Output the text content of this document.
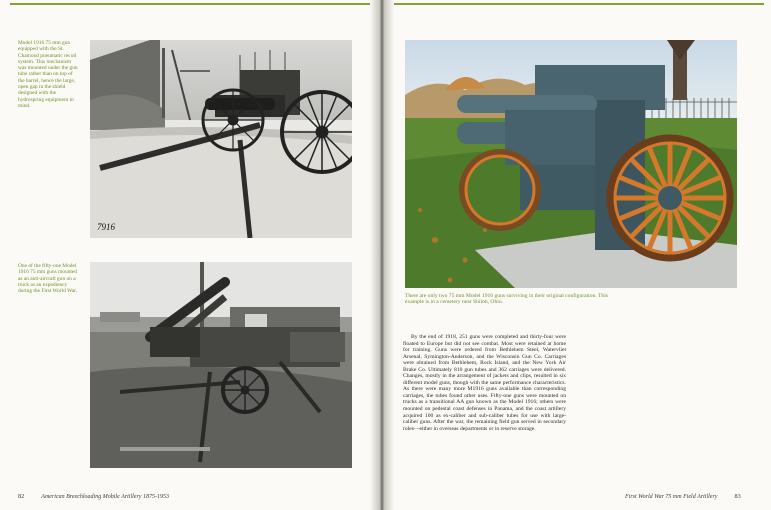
Model 1916 75 mm gun equipped with the St. Chamond pneumatic recoil system. This mechanism was mounted under the gun tube rather than on top of the barrel, hence the large, open gap in the shield designed with the hydrospring equipment in mind.
7916
One of the fifty-one Model 1916 75 mm guns mounted as an anti-aircraft gun on a truck as an expediency during the First World War.
82	American Breechloading Mobile Artillery 1875-1953
There are only two 75 mm Model 1916 guns surviving in their original configuration. This example is in a cemetery near Shiloh, Ohio.
First World War 75 mm Field Artillery	83
By the end of 1918, 251 guns were completed and thirty-four were floated to Europe but did not see combat. Most were retained at home for training. Guns were ordered from Bethlehem Steel, Watervliet Arsenal, Symington-Anderson, and the Wisconsin Gun Co. Carriages were obtained from Bethlehem, Rock Island, and the New York Air Brake Co. Ultimately 810 gun tubes and 362 carriages were delivered. Changes, mostly in the arrangement of jackets and clips, resulted in six different model guns, though with the same performance characteristics. As there were many more M1916 guns available than corresponding carriages, the tubes found other uses. Fifty-one guns were mounted on trucks as a transitional AA gun known as the Model 1916; others were mounted on pedestal coast defenses in Panama, and the coast artillery acquired 100 as ex-caliber and sub-caliber tubes for use with large-caliber guns. After the war, the remaining field gun served in secondary roles—either in overseas departments or in reserve storage.
